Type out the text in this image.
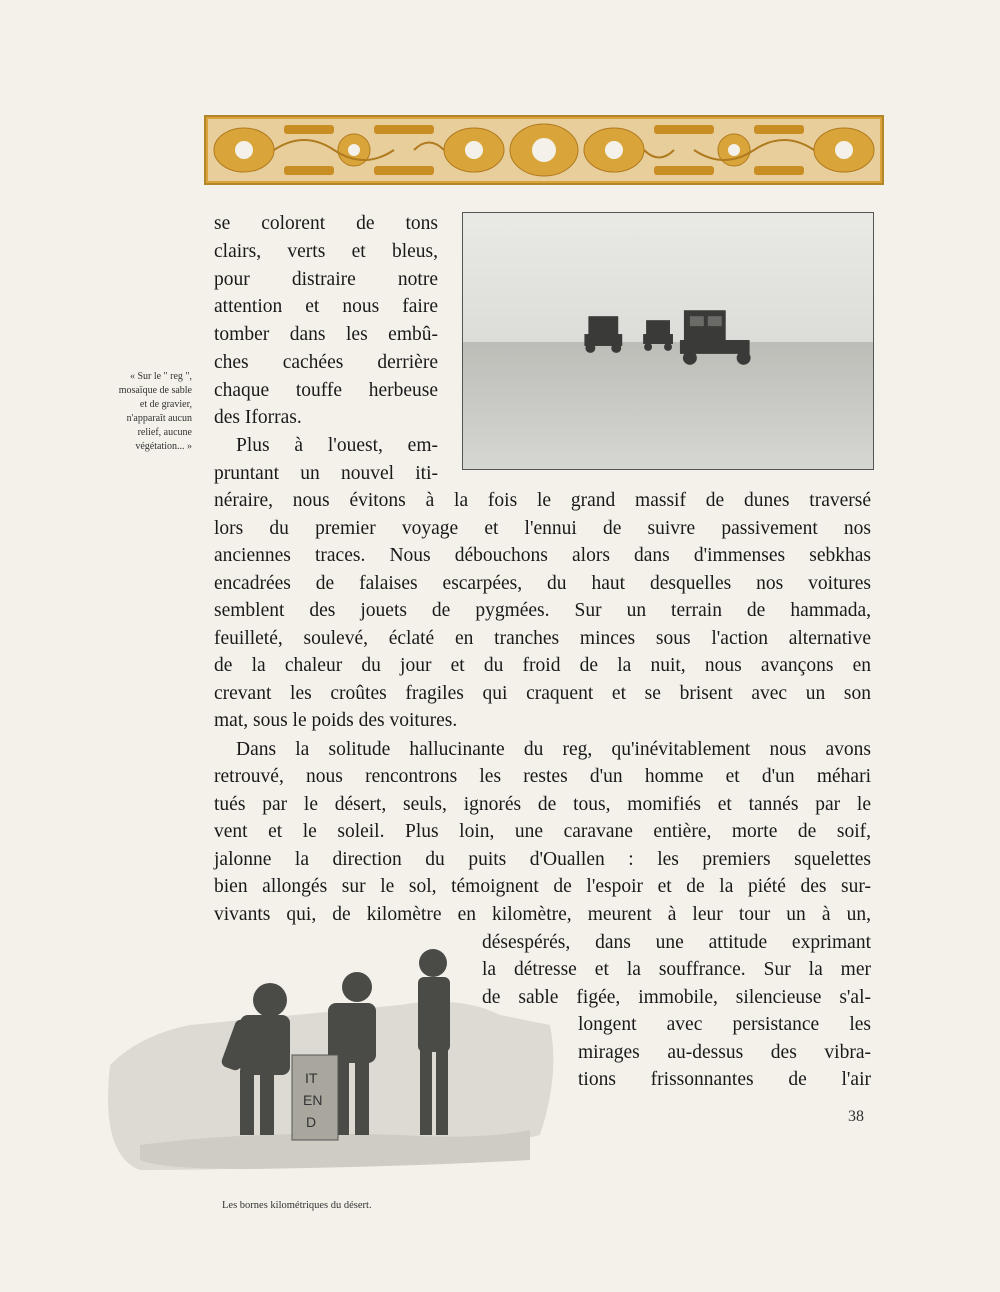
« Sur le " reg ",
mosaïque de sable
et de gravier,
n'apparaît aucun
relief, aucune
végétation... »
se colorent de tons
clairs, verts et bleus,
pour distraire notre
attention et nous faire
tomber dans les embû-
ches cachées derrière
chaque touffe herbeuse
des Iforras.
Plus à l'ouest, em-
pruntant un nouvel iti-
néraire, nous évitons à la fois le grand massif de dunes traversé
lors du premier voyage et l'ennui de suivre passivement nos
anciennes traces. Nous débouchons alors dans d'immenses sebkhas
encadrées de falaises escarpées, du haut desquelles nos voitures
semblent des jouets de pygmées. Sur un terrain de hammada,
feuilleté, soulevé, éclaté en tranches minces sous l'action alternative
de la chaleur du jour et du froid de la nuit, nous avançons en
crevant les croûtes fragiles qui craquent et se brisent avec un son
mat, sous le poids des voitures.
Dans la solitude hallucinante du reg, qu'inévitablement nous avons
retrouvé, nous rencontrons les restes d'un homme et d'un méhari
tués par le désert, seuls, ignorés de tous, momifiés et tannés par le
vent et le soleil. Plus loin, une caravane entière, morte de soif,
jalonne la direction du puits d'Ouallen : les premiers squelettes
bien allongés sur le sol, témoignent de l'espoir et de la piété des sur-
vivants qui, de kilomètre en kilomètre, meurent à leur tour un à un,
désespérés, dans une attitude exprimant
la détresse et la souffrance. Sur la mer
de sable figée, immobile, silencieuse s'al-
longent avec persistance les
mirages au-dessus des vibra-
tions frissonnantes de l'air
IT
EN
D	38
Les bornes kilométriques du désert.
